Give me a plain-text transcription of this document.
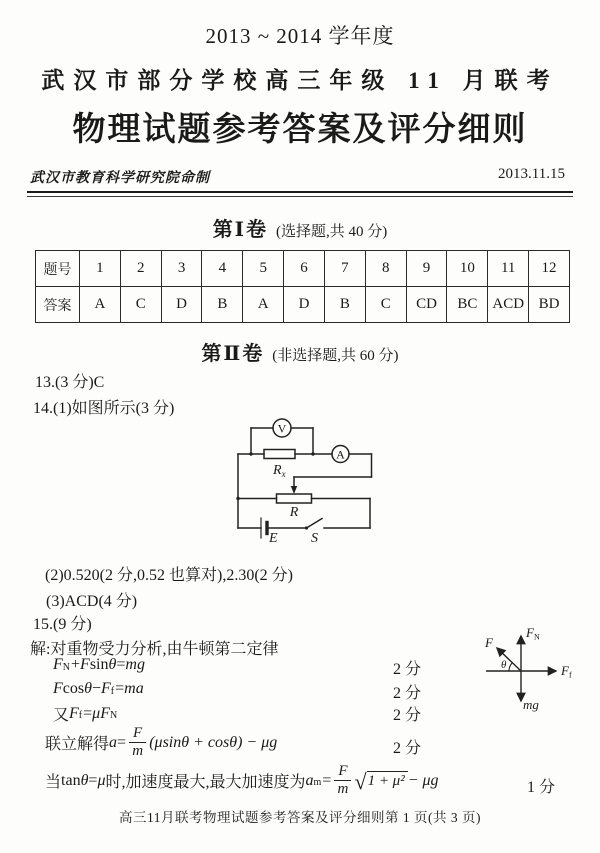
2013 ~ 2014 学年度
武汉市部分学校高三年级 11 月联考
物理试题参考答案及评分细则
武汉市教育科学研究院命制	2013.11.15
第Ⅰ卷 (选择题,共 40 分)
题号	1	2	3	4	5	6	7	8	9	10	11	12
答案	A	C	D	B	A	D	B	C	CD	BC	ACD	BD
第Ⅱ卷 (非选择题,共 60 分)
13.(3 分)C
14.(1)如图所示(3 分)
V
A
$R_x$
R
E S
(2)0.520(2 分,0.52 也算对),2.30(2 分)
(3)ACD(4 分)
15.(9 分)
解:对重物受力分析,由牛顿第二定律
$F_N + F$ sin θ = mg	2 分
F $\cos \theta - F_f$ = ma	2 分
又 $F_f = \mu F_N$	2 分
联立解得 $a = \frac{F}{m} (\mu\sin\theta + \cos\theta) - \mu g$	2 分
当 tan θ = μ 时,加速度最大,最大加速度为 $a_m = \frac{F}{m}$ √ 1 + μ² − μg	1 分
F
FN
Ff
mg
θ
高三11月联考物理试题参考答案及评分细则第 1 页(共 3 页)
